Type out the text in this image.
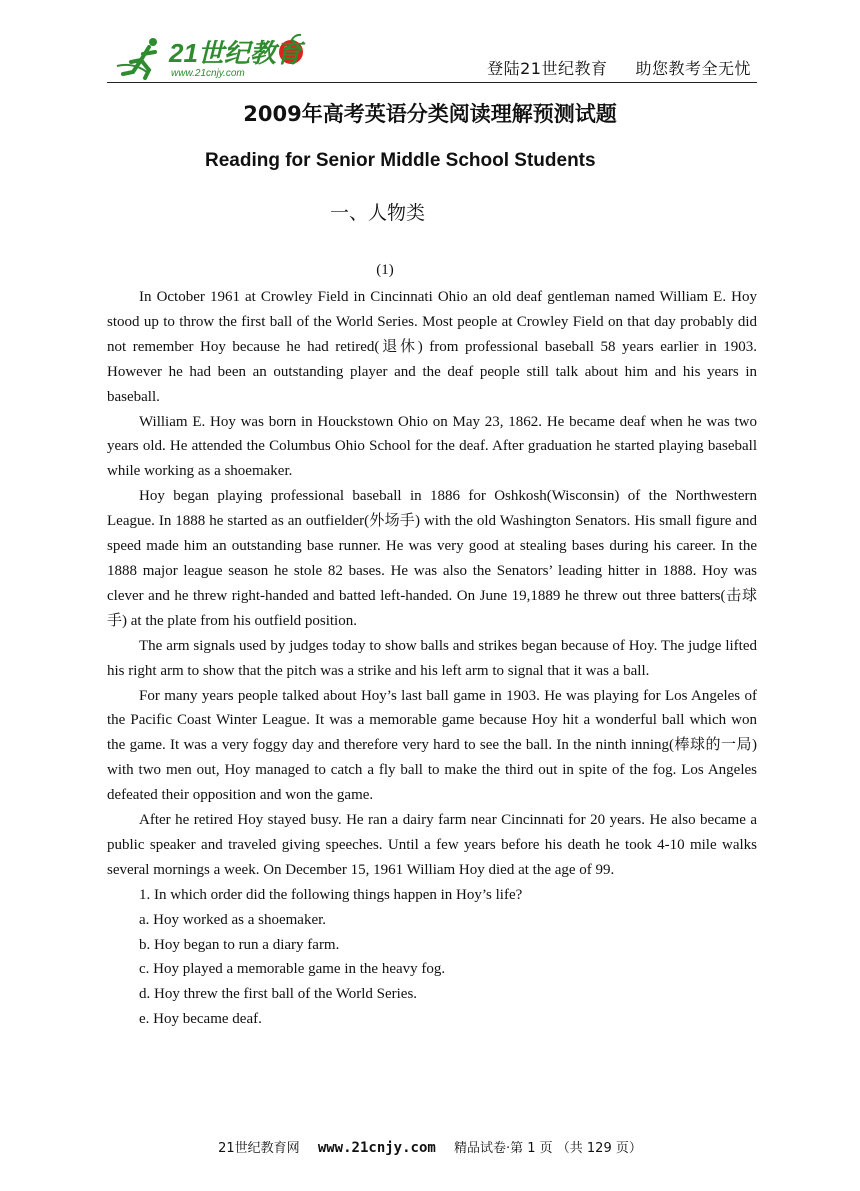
21世纪教育
www.21cnjy.com	登陆21世纪教育 助您教考全无忧
2009年高考英语分类阅读理解预测试题
Reading for Senior Middle School Students
一、人物类
(1)

In October 1961 at Crowley Field in Cincinnati Ohio an old deaf gentleman named William E. Hoy stood up to throw the first ball of the World Series. Most people at Crowley Field on that day probably did not remember Hoy because he had retired(退休) from professional baseball 58 years earlier in 1903. However he had been an outstanding player and the deaf people still talk about him and his years in baseball.

William E. Hoy was born in Houckstown Ohio on May 23, 1862. He became deaf when he was two years old. He attended the Columbus Ohio School for the deaf. After graduation he started playing baseball while working as a shoemaker.

Hoy began playing professional baseball in 1886 for Oshkosh(Wisconsin) of the Northwestern League. In 1888 he started as an outfielder(外场手) with the old Washington Senators. His small figure and speed made him an outstanding base runner. He was very good at stealing bases during his career. In the 1888 major league season he stole 82 bases. He was also the Senators’ leading hitter in 1888. Hoy was clever and he threw right-handed and batted left-handed. On June 19,1889 he threw out three batters(击球手) at the plate from his outfield position.

The arm signals used by judges today to show balls and strikes began because of Hoy. The judge lifted his right arm to show that the pitch was a strike and his left arm to signal that it was a ball.

For many years people talked about Hoy’s last ball game in 1903. He was playing for Los Angeles of the Pacific Coast Winter League. It was a memorable game because Hoy hit a wonderful ball which won the game. It was a very foggy day and therefore very hard to see the ball. In the ninth inning(棒球的一局) with two men out, Hoy managed to catch a fly ball to make the third out in spite of the fog. Los Angeles defeated their opposition and won the game.

After he retired Hoy stayed busy. He ran a dairy farm near Cincinnati for 20 years. He also became a public speaker and traveled giving speeches. Until a few years before his death he took 4-10 mile walks several mornings a week. On December 15, 1961 William Hoy died at the age of 99.

1. In which order did the following things happen in Hoy’s life?

a. Hoy worked as a shoemaker.

b. Hoy began to run a diary farm.

c. Hoy played a memorable game in the heavy fog.

d. Hoy threw the first ball of the World Series.

e. Hoy became deaf.

21世纪教育网 www.21cnjy.com 精品试卷·第 1 页 （共 129 页）
